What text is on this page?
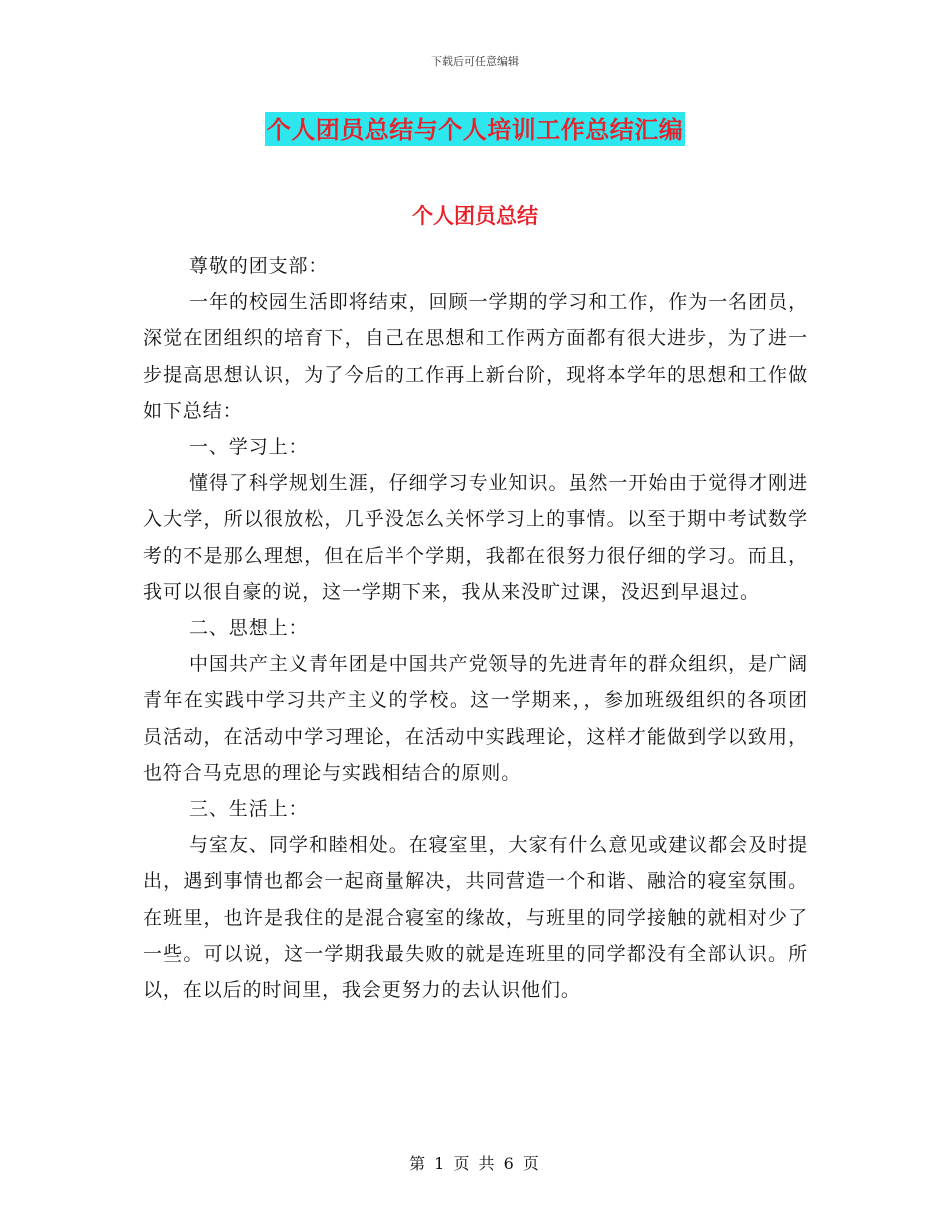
下载后可任意编辑
个人团员总结与个人培训工作总结汇编
个人团员总结

尊敬的团支部：

一年的校园生活即将结束，回顾一学期的学习和工作，作为一名团员，深觉在团组织的培育下，自己在思想和工作两方面都有很大进步，为了进一步提高思想认识，为了今后的工作再上新台阶，现将本学年的思想和工作做如下总结：

一、学习上：

懂得了科学规划生涯，仔细学习专业知识。虽然一开始由于觉得才刚进入大学，所以很放松，几乎没怎么关怀学习上的事情。以至于期中考试数学考的不是那么理想，但在后半个学期，我都在很努力很仔细的学习。而且，我可以很自豪的说，这一学期下来，我从来没旷过课，没迟到早退过。

二、思想上：

中国共产主义青年团是中国共产党领导的先进青年的群众组织，是广阔青年在实践中学习共产主义的学校。这一学期来，，参加班级组织的各项团员活动，在活动中学习理论，在活动中实践理论，这样才能做到学以致用，也符合马克思的理论与实践相结合的原则。

三、生活上：

与室友、同学和睦相处。在寝室里，大家有什么意见或建议都会及时提出，遇到事情也都会一起商量解决，共同营造一个和谐、融洽的寝室氛围。在班里，也许是我住的是混合寝室的缘故，与班里的同学接触的就相对少了一些。可以说，这一学期我最失败的就是连班里的同学都没有全部认识。所以，在以后的时间里，我会更努力的去认识他们。

第 1 页 共 6 页
